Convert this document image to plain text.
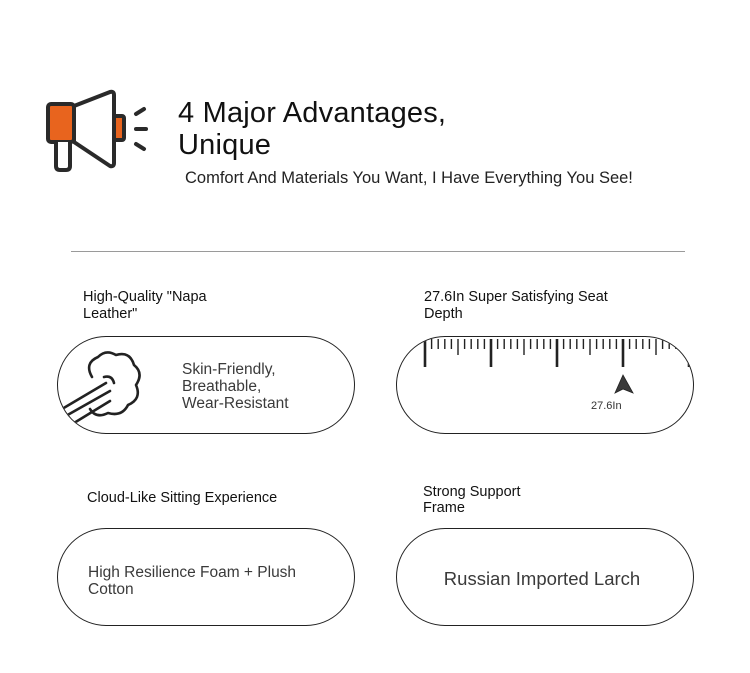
4 Major Advantages,
Unique
Comfort And Materials You Want, I Have Everything You See!
High-Quality "Napa
Leather"
Skin-Friendly,
Breathable,
Wear-Resistant
27.6In Super Satisfying Seat
Depth
27.6In
Cloud-Like Sitting Experience
High Resilience Foam + Plush
Cotton
Strong Support
Frame
Russian Imported Larch
